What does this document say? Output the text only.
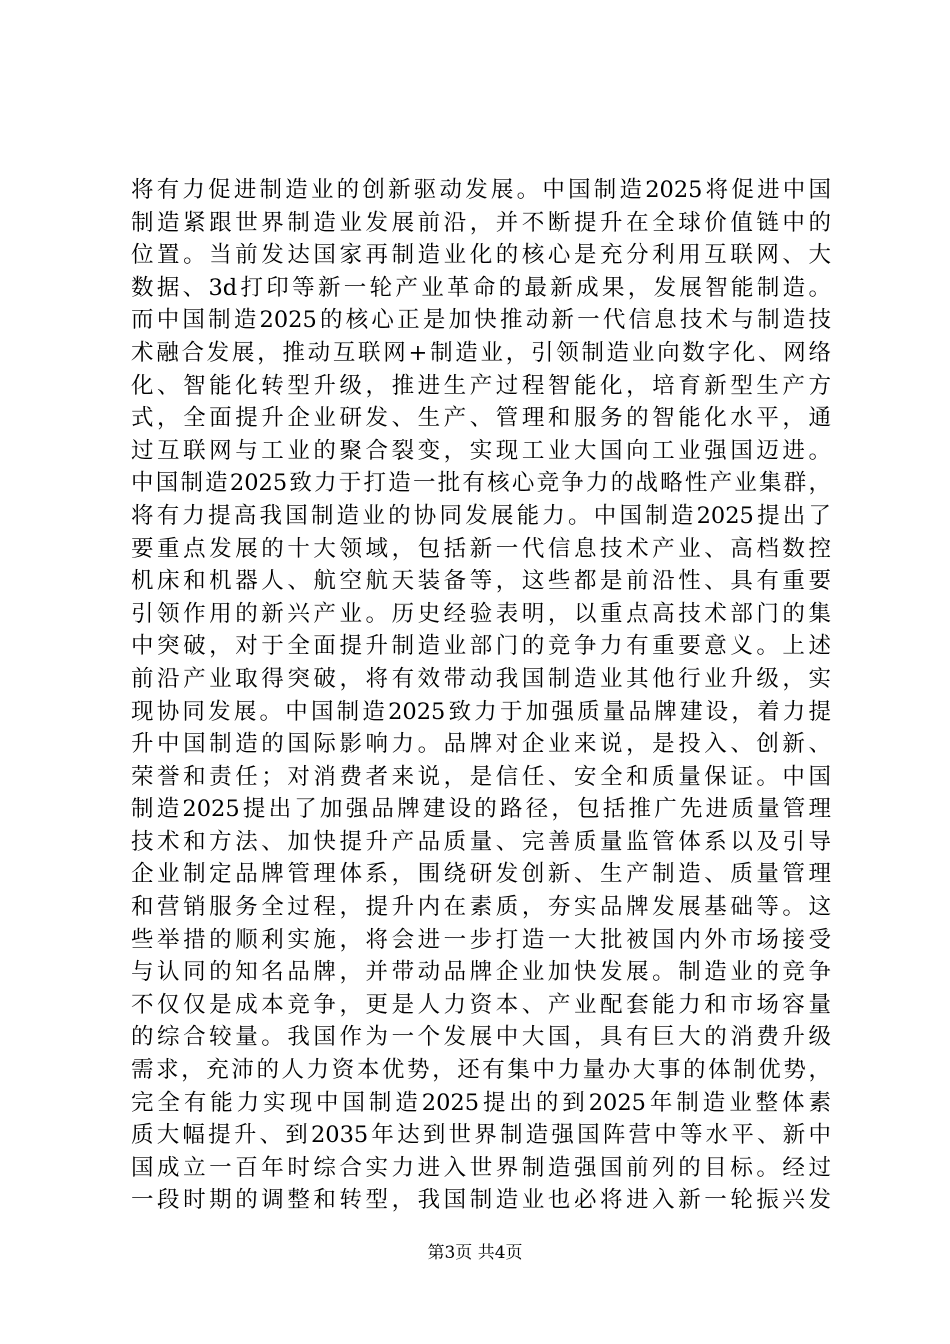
将有力促进制造业的创新驱动发展。中国制造2025将促进中国
制造紧跟世界制造业发展前沿，并不断提升在全球价值链中的
位置。当前发达国家再制造业化的核心是充分利用互联网、大
数据、3d打印等新一轮产业革命的最新成果，发展智能制造。
而中国制造2025的核心正是加快推动新一代信息技术与制造技
术融合发展，推动互联网+制造业，引领制造业向数字化、网络
化、智能化转型升级，推进生产过程智能化，培育新型生产方
式，全面提升企业研发、生产、管理和服务的智能化水平，通
过互联网与工业的聚合裂变，实现工业大国向工业强国迈进。
中国制造2025致力于打造一批有核心竞争力的战略性产业集群，
将有力提高我国制造业的协同发展能力。中国制造2025提出了
要重点发展的十大领域，包括新一代信息技术产业、高档数控
机床和机器人、航空航天装备等，这些都是前沿性、具有重要
引领作用的新兴产业。历史经验表明，以重点高技术部门的集
中突破，对于全面提升制造业部门的竞争力有重要意义。上述
前沿产业取得突破，将有效带动我国制造业其他行业升级，实
现协同发展。中国制造2025致力于加强质量品牌建设，着力提
升中国制造的国际影响力。品牌对企业来说，是投入、创新、
荣誉和责任；对消费者来说，是信任、安全和质量保证。中国
制造2025提出了加强品牌建设的路径，包括推广先进质量管理
技术和方法、加快提升产品质量、完善质量监管体系以及引导
企业制定品牌管理体系，围绕研发创新、生产制造、质量管理
和营销服务全过程，提升内在素质，夯实品牌发展基础等。这
些举措的顺利实施，将会进一步打造一大批被国内外市场接受
与认同的知名品牌，并带动品牌企业加快发展。制造业的竞争
不仅仅是成本竞争，更是人力资本、产业配套能力和市场容量
的综合较量。我国作为一个发展中大国，具有巨大的消费升级
需求，充沛的人力资本优势，还有集中力量办大事的体制优势，
完全有能力实现中国制造2025提出的到2025年制造业整体素
质大幅提升、到2035年达到世界制造强国阵营中等水平、新中
国成立一百年时综合实力进入世界制造强国前列的目标。经过
一段时期的调整和转型，我国制造业也必将进入新一轮振兴发
第3页 共4页
